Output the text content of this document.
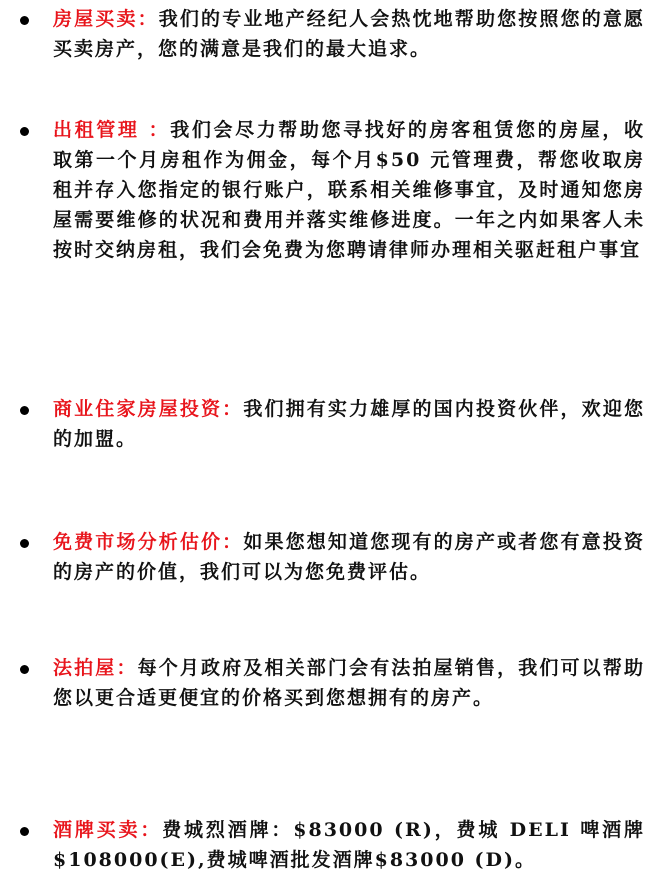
房屋买卖：我们的专业地产经纪人会热忱地帮助您按照您的意愿买卖房产，您的满意是我们的最大追求。
出租管理 ：我们会尽力帮助您寻找好的房客租赁您的房屋，收取第一个月房租作为佣金，每个月$50 元管理费，帮您收取房租并存入您指定的银行账户，联系相关维修事宜，及时通知您房屋需要维修的状况和费用并落实维修进度。一年之内如果客人未按时交纳房租，我们会免费为您聘请律师办理相关驱赶租户事宜
商业住家房屋投资：我们拥有实力雄厚的国内投资伙伴，欢迎您的加盟。
免费市场分析估价：如果您想知道您现有的房产或者您有意投资的房产的价值，我们可以为您免费评估。
法拍屋：每个月政府及相关部门会有法拍屋销售，我们可以帮助您以更合适更便宜的价格买到您想拥有的房产。
酒牌买卖：费城烈酒牌：$83000 (R)，费城 DELI 啤酒牌$108000(E),费城啤酒批发酒牌$83000 (D)。
